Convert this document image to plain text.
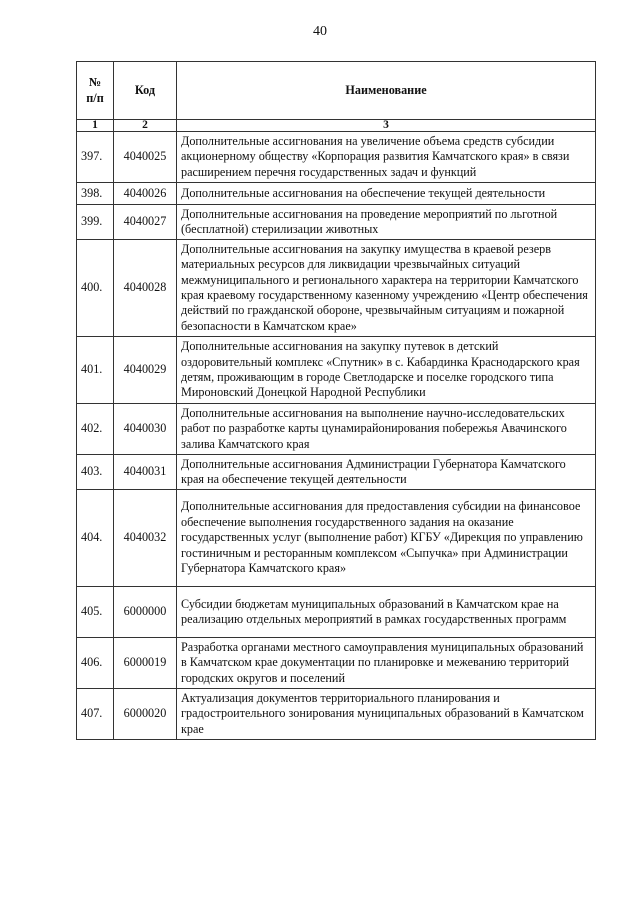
40
№
п/п	Код	Наименование
1	2	3
397.	4040025	Дополнительные ассигнования на увеличение объема средств субсидии акционерному обществу «Корпорация развития Камчатского края» в связи расширением перечня государственных задач и функций
398.	4040026	Дополнительные ассигнования на обеспечение текущей деятельности
399.	4040027	Дополнительные ассигнования на проведение мероприятий по льготной (бесплатной) стерилизации животных
400.	4040028	Дополнительные ассигнования на закупку имущества в краевой резерв материальных ресурсов для ликвидации чрезвычайных ситуаций межмуниципального и регионального характера на территории Камчатского края краевому государственному казенному учреждению «Центр обеспечения действий по гражданской обороне, чрезвычайным ситуациям и пожарной безопасности в Камчатском крае»
401.	4040029	Дополнительные ассигнования на закупку путевок в детский оздоровительный комплекс «Спутник» в с. Кабардинка Краснодарского края детям, проживающим в городе Светлодарске и поселке городского типа Мироновский Донецкой Народной Республики
402.	4040030	Дополнительные ассигнования на выполнение научно-исследовательских работ по разработке карты цунамирайонирования побережья Авачинского залива Камчатского края
403.	4040031	Дополнительные ассигнования Администрации Губернатора Камчатского края на обеспечение текущей деятельности
404.	4040032	Дополнительные ассигнования для предоставления субсидии на финансовое обеспечение выполнения государственного задания на оказание государственных услуг (выполнение работ) КГБУ «Дирекция по управлению гостиничным и ресторанным комплексом «Сыпучка» при Администрации Губернатора Камчатского края»
405.	6000000	Субсидии бюджетам муниципальных образований в Камчатском крае на реализацию отдельных мероприятий в рамках государственных программ
406.	6000019	Разработка органами местного самоуправления муниципальных образований в Камчатском крае документации по планировке и межеванию территорий городских округов и поселений
407.	6000020	Актуализация документов территориального планирования и градостроительного зонирования муниципальных образований в Камчатском крае
